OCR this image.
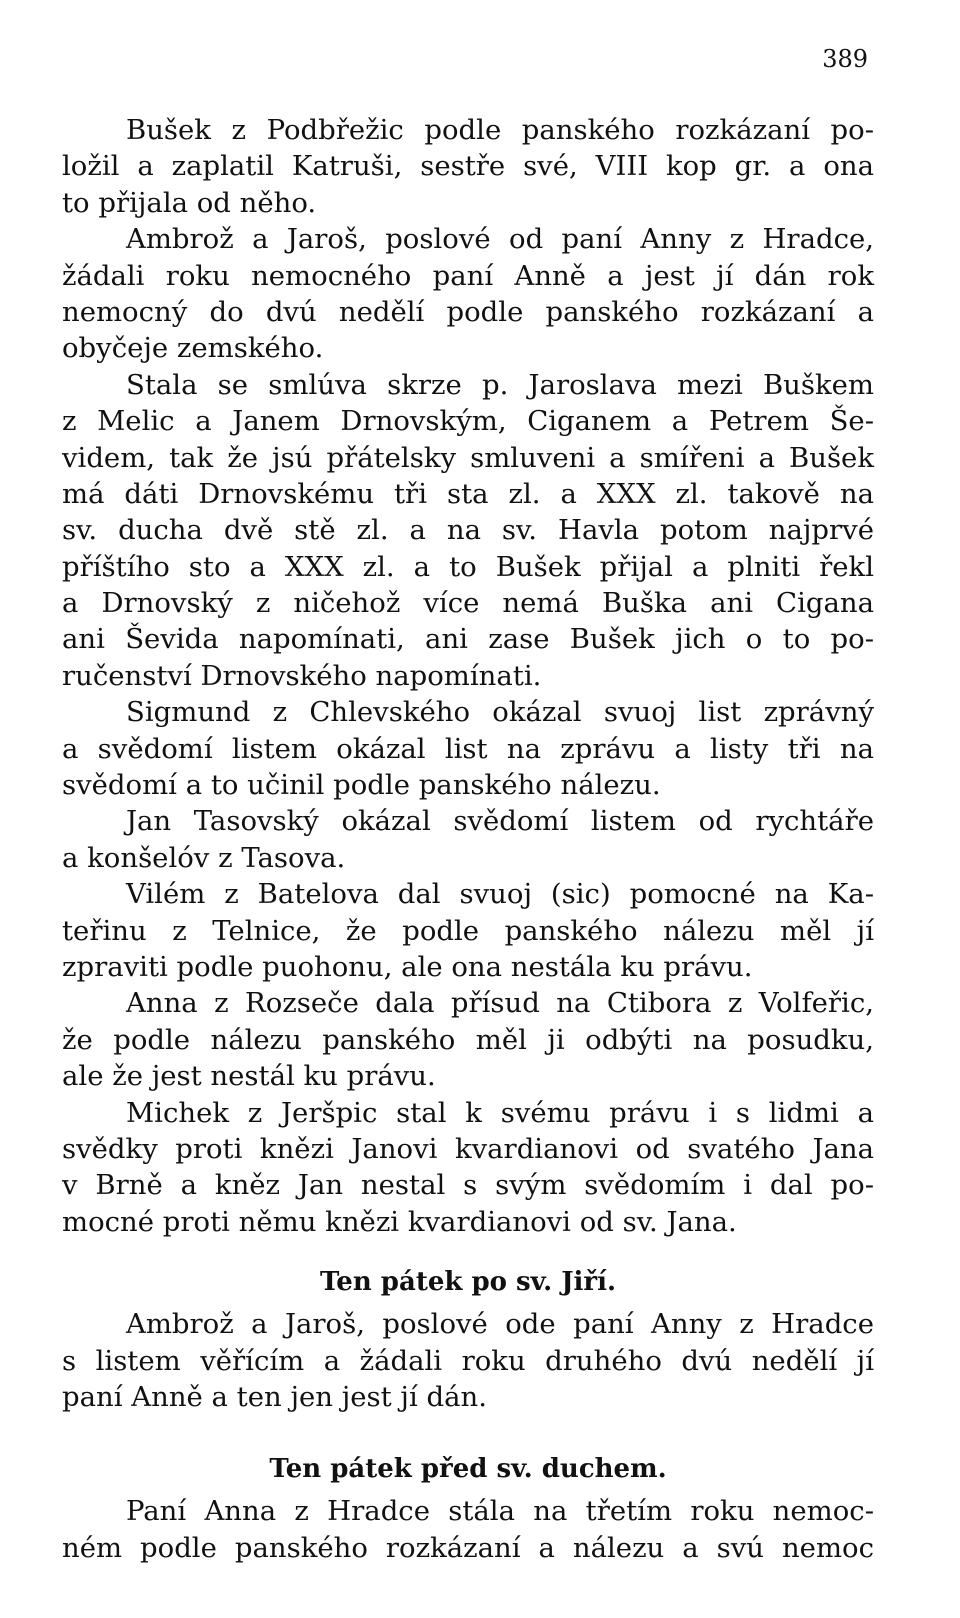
389
Bušek z Podbřežic podle panského rozkázaní po-
ložil a zaplatil Katruši, sestře své, VIII kop gr. a ona
to přijala od něho.
Ambrož a Jaroš, poslové od paní Anny z Hradce,
žádali roku nemocného paní Anně a jest jí dán rok
nemocný do dvú nedělí podle panského rozkázaní a
obyčeje zemského.
Stala se smlúva skrze p. Jaroslava mezi Buškem
z Melic a Janem Drnovským, Ciganem a Petrem Še-
videm, tak že jsú přátelsky smluveni a smířeni a Bušek
má dáti Drnovskému tři sta zl. a XXX zl. takově na
sv. ducha dvě stě zl. a na sv. Havla potom najprvé
příštího sto a XXX zl. a to Bušek přijal a plniti řekl
a Drnovský z ničehož více nemá Buška ani Cigana
ani Ševida napomínati, ani zase Bušek jich o to po-
ručenství Drnovského napomínati.
Sigmund z Chlevského okázal svuoj list zprávný
a svědomí listem okázal list na zprávu a listy tři na
svědomí a to učinil podle panského nálezu.
Jan Tasovský okázal svědomí listem od rychtáře
a konšelóv z Tasova.
Vilém z Batelova dal svuoj (sic) pomocné na Ka-
teřinu z Telnice, že podle panského nálezu měl jí
zpraviti podle puohonu, ale ona nestála ku právu.
Anna z Rozseče dala přísud na Ctibora z Volfeřic,
že podle nálezu panského měl ji odbýti na posudku,
ale že jest nestál ku právu.
Michek z Jeršpic stal k svému právu i s lidmi a
svědky proti knězi Janovi kvardianovi od svatého Jana
v Brně a kněz Jan nestal s svým svědomím i dal po-
mocné proti němu knězi kvardianovi od sv. Jana.
Ten pátek po sv. Jiří.
Ambrož a Jaroš, poslové ode paní Anny z Hradce
s listem věřícím a žádali roku druhého dvú nedělí jí
paní Anně a ten jen jest jí dán.
Ten pátek před sv. duchem.
Paní Anna z Hradce stála na třetím roku nemoc-
ném podle panského rozkázaní a nálezu a svú nemoc
